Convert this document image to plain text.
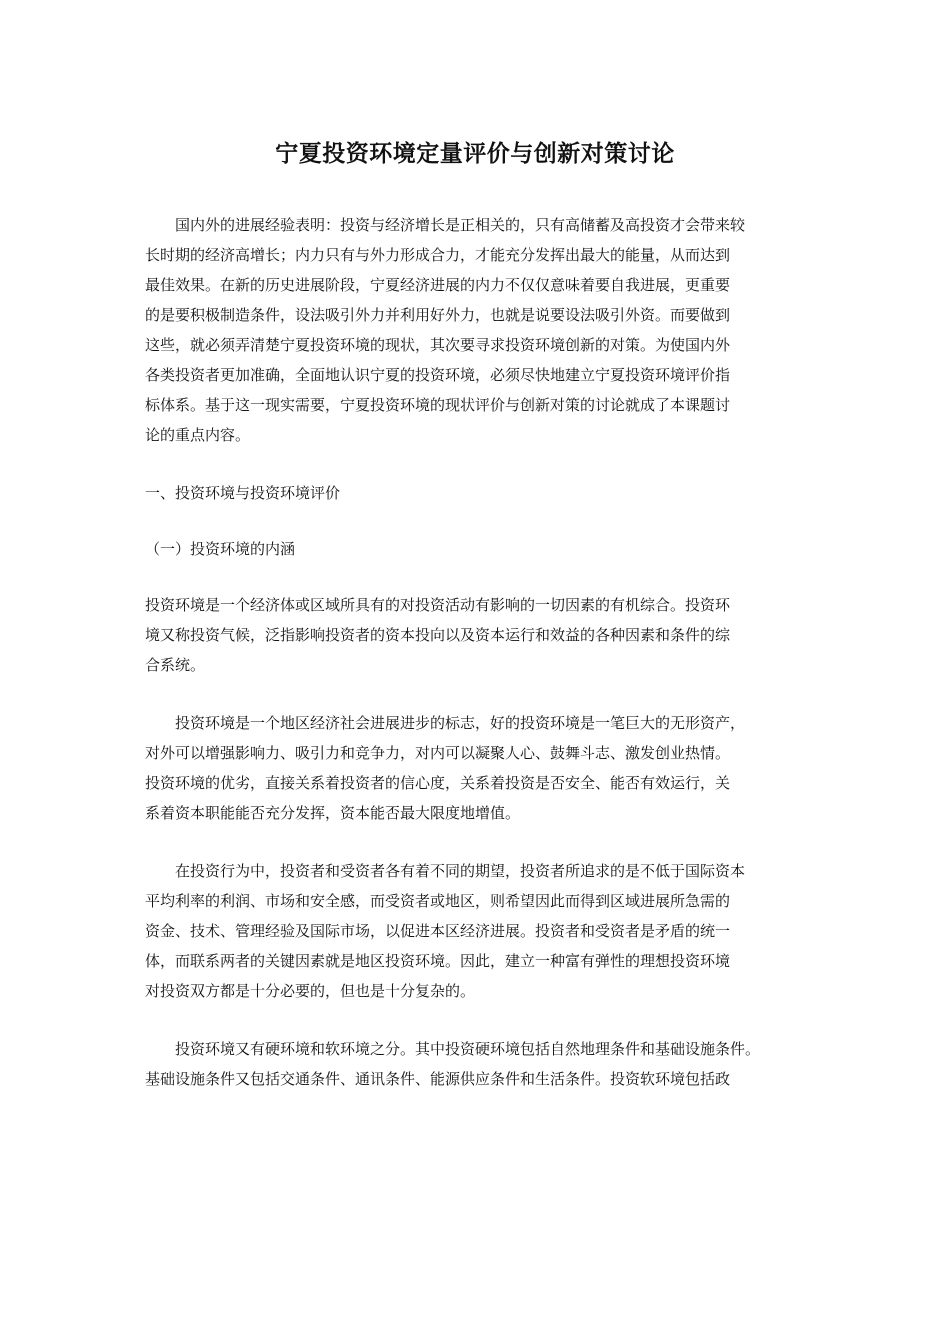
宁夏投资环境定量评价与创新对策讨论

国内外的进展经验表明：投资与经济增长是正相关的，只有高储蓄及高投资才会带来较
长时期的经济高增长；内力只有与外力形成合力，才能充分发挥出最大的能量，从而达到
最佳效果。在新的历史进展阶段，宁夏经济进展的内力不仅仅意味着要自我进展，更重要
的是要积极制造条件，设法吸引外力并利用好外力，也就是说要设法吸引外资。而要做到
这些，就必须弄清楚宁夏投资环境的现状，其次要寻求投资环境创新的对策。为使国内外
各类投资者更加准确，全面地认识宁夏的投资环境，必须尽快地建立宁夏投资环境评价指
标体系。基于这一现实需要，宁夏投资环境的现状评价与创新对策的讨论就成了本课题讨
论的重点内容。

一、投资环境与投资环境评价

（一）投资环境的内涵

投资环境是一个经济体或区域所具有的对投资活动有影响的一切因素的有机综合。投资环
境又称投资气候，泛指影响投资者的资本投向以及资本运行和效益的各种因素和条件的综
合系统。

投资环境是一个地区经济社会进展进步的标志，好的投资环境是一笔巨大的无形资产，
对外可以增强影响力、吸引力和竞争力，对内可以凝聚人心、鼓舞斗志、激发创业热情。
投资环境的优劣，直接关系着投资者的信心度，关系着投资是否安全、能否有效运行，关
系着资本职能能否充分发挥，资本能否最大限度地增值。

在投资行为中，投资者和受资者各有着不同的期望，投资者所追求的是不低于国际资本
平均利率的利润、市场和安全感，而受资者或地区，则希望因此而得到区域进展所急需的
资金、技术、管理经验及国际市场，以促进本区经济进展。投资者和受资者是矛盾的统一
体，而联系两者的关键因素就是地区投资环境。因此，建立一种富有弹性的理想投资环境
对投资双方都是十分必要的，但也是十分复杂的。

投资环境又有硬环境和软环境之分。其中投资硬环境包括自然地理条件和基础设施条件。
基础设施条件又包括交通条件、通讯条件、能源供应条件和生活条件。投资软环境包括政
